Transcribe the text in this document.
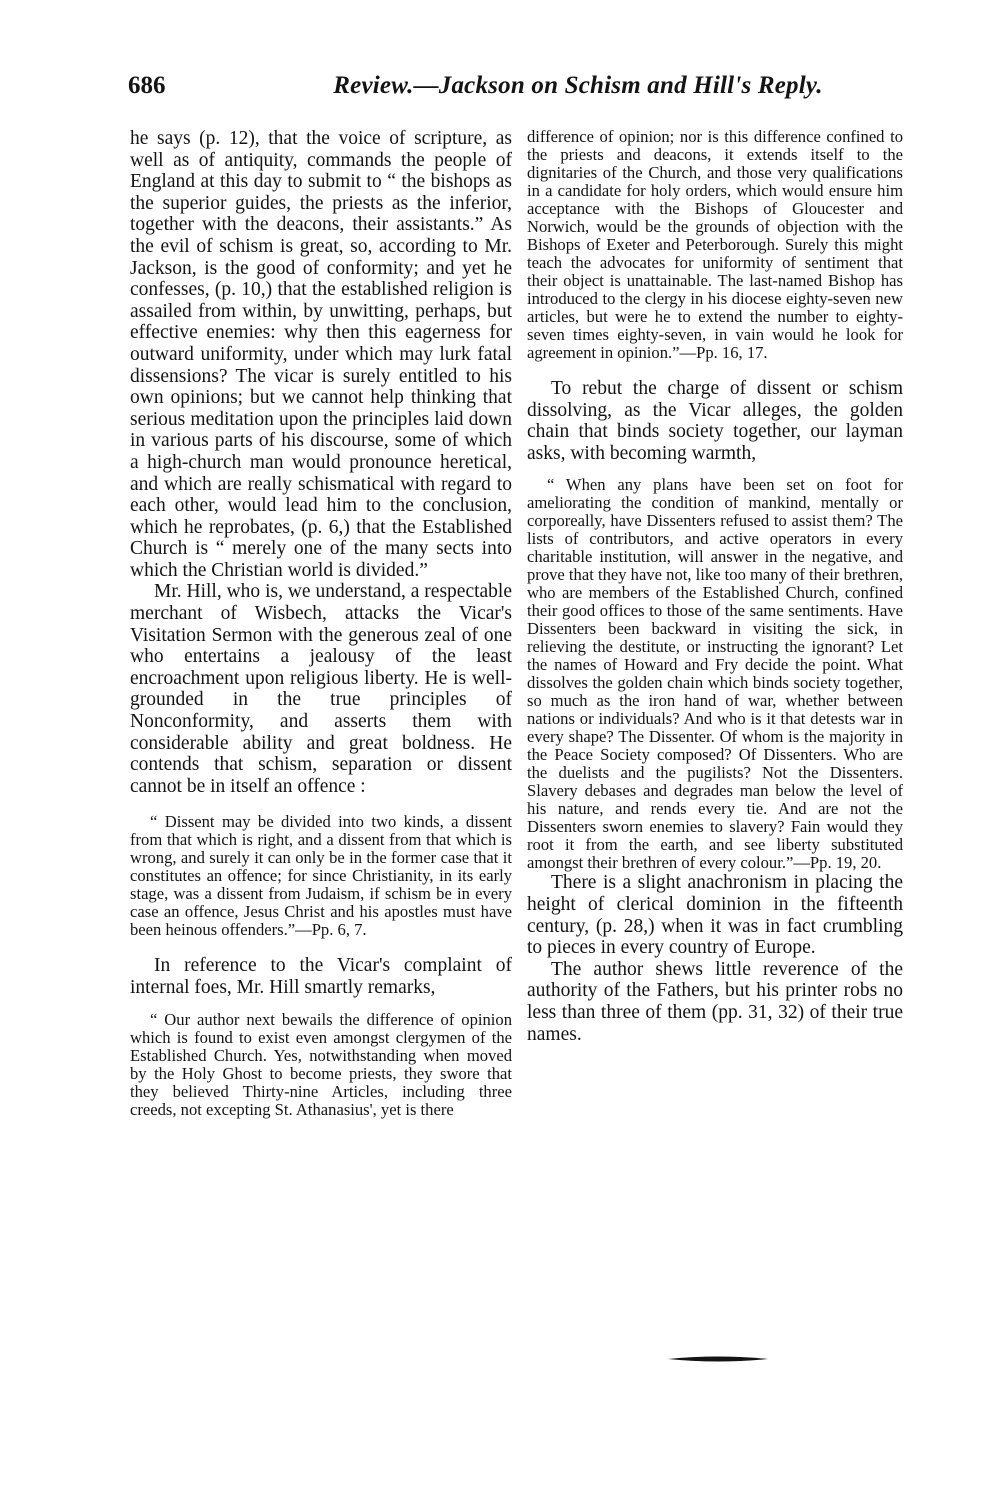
686	Review.—Jackson on Schism and Hill's Reply.

he says (p. 12), that the voice of scripture, as well as of antiquity, commands the people of England at this day to submit to “ the bishops as the superior guides, the priests as the inferior, together with the deacons, their assistants.” As the evil of schism is great, so, according to Mr. Jackson, is the good of conformity; and yet he confesses, (p. 10,) that the established religion is assailed from within, by unwitting, perhaps, but effective enemies: why then this eagerness for outward uniformity, under which may lurk fatal dissensions? The vicar is surely entitled to his own opinions; but we cannot help thinking that serious meditation upon the principles laid down in various parts of his discourse, some of which a high-church man would pronounce heretical, and which are really schismatical with regard to each other, would lead him to the conclusion, which he reprobates, (p. 6,) that the Established Church is “ merely one of the many sects into which the Christian world is divided.”

Mr. Hill, who is, we understand, a respectable merchant of Wisbech, attacks the Vicar's Visitation Sermon with the generous zeal of one who entertains a jealousy of the least encroachment upon religious liberty. He is well-grounded in the true principles of Nonconformity, and asserts them with considerable ability and great boldness. He contends that schism, separation or dissent cannot be in itself an offence :

“ Dissent may be divided into two kinds, a dissent from that which is right, and a dissent from that which is wrong, and surely it can only be in the former case that it constitutes an offence; for since Christianity, in its early stage, was a dissent from Judaism, if schism be in every case an offence, Jesus Christ and his apostles must have been heinous offenders.”—Pp. 6, 7.

In reference to the Vicar's complaint of internal foes, Mr. Hill smartly remarks,

“ Our author next bewails the difference of opinion which is found to exist even amongst clergymen of the Established Church. Yes, notwithstanding when moved by the Holy Ghost to become priests, they swore that they believed Thirty-nine Articles, including three creeds, not excepting St. Athanasius', yet is there

difference of opinion; nor is this difference confined to the priests and deacons, it extends itself to the dignitaries of the Church, and those very qualifications in a candidate for holy orders, which would ensure him acceptance with the Bishops of Gloucester and Norwich, would be the grounds of objection with the Bishops of Exeter and Peterborough. Surely this might teach the advocates for uniformity of sentiment that their object is unattainable. The last-named Bishop has introduced to the clergy in his diocese eighty-seven new articles, but were he to extend the number to eighty-seven times eighty-seven, in vain would he look for agreement in opinion.”—Pp. 16, 17.

To rebut the charge of dissent or schism dissolving, as the Vicar alleges, the golden chain that binds society together, our layman asks, with becoming warmth,

“ When any plans have been set on foot for ameliorating the condition of mankind, mentally or corporeally, have Dissenters refused to assist them? The lists of contributors, and active operators in every charitable institution, will answer in the negative, and prove that they have not, like too many of their brethren, who are members of the Established Church, confined their good offices to those of the same sentiments. Have Dissenters been backward in visiting the sick, in relieving the destitute, or instructing the ignorant? Let the names of Howard and Fry decide the point. What dissolves the golden chain which binds society together, so much as the iron hand of war, whether between nations or individuals? And who is it that detests war in every shape? The Dissenter. Of whom is the majority in the Peace Society composed? Of Dissenters. Who are the duelists and the pugilists? Not the Dissenters. Slavery debases and degrades man below the level of his nature, and rends every tie. And are not the Dissenters sworn enemies to slavery? Fain would they root it from the earth, and see liberty substituted amongst their brethren of every colour.”—Pp. 19, 20.

There is a slight anachronism in placing the height of clerical dominion in the fifteenth century, (p. 28,) when it was in fact crumbling to pieces in every country of Europe.

The author shews little reverence of the authority of the Fathers, but his printer robs no less than three of them (pp. 31, 32) of their true names.
